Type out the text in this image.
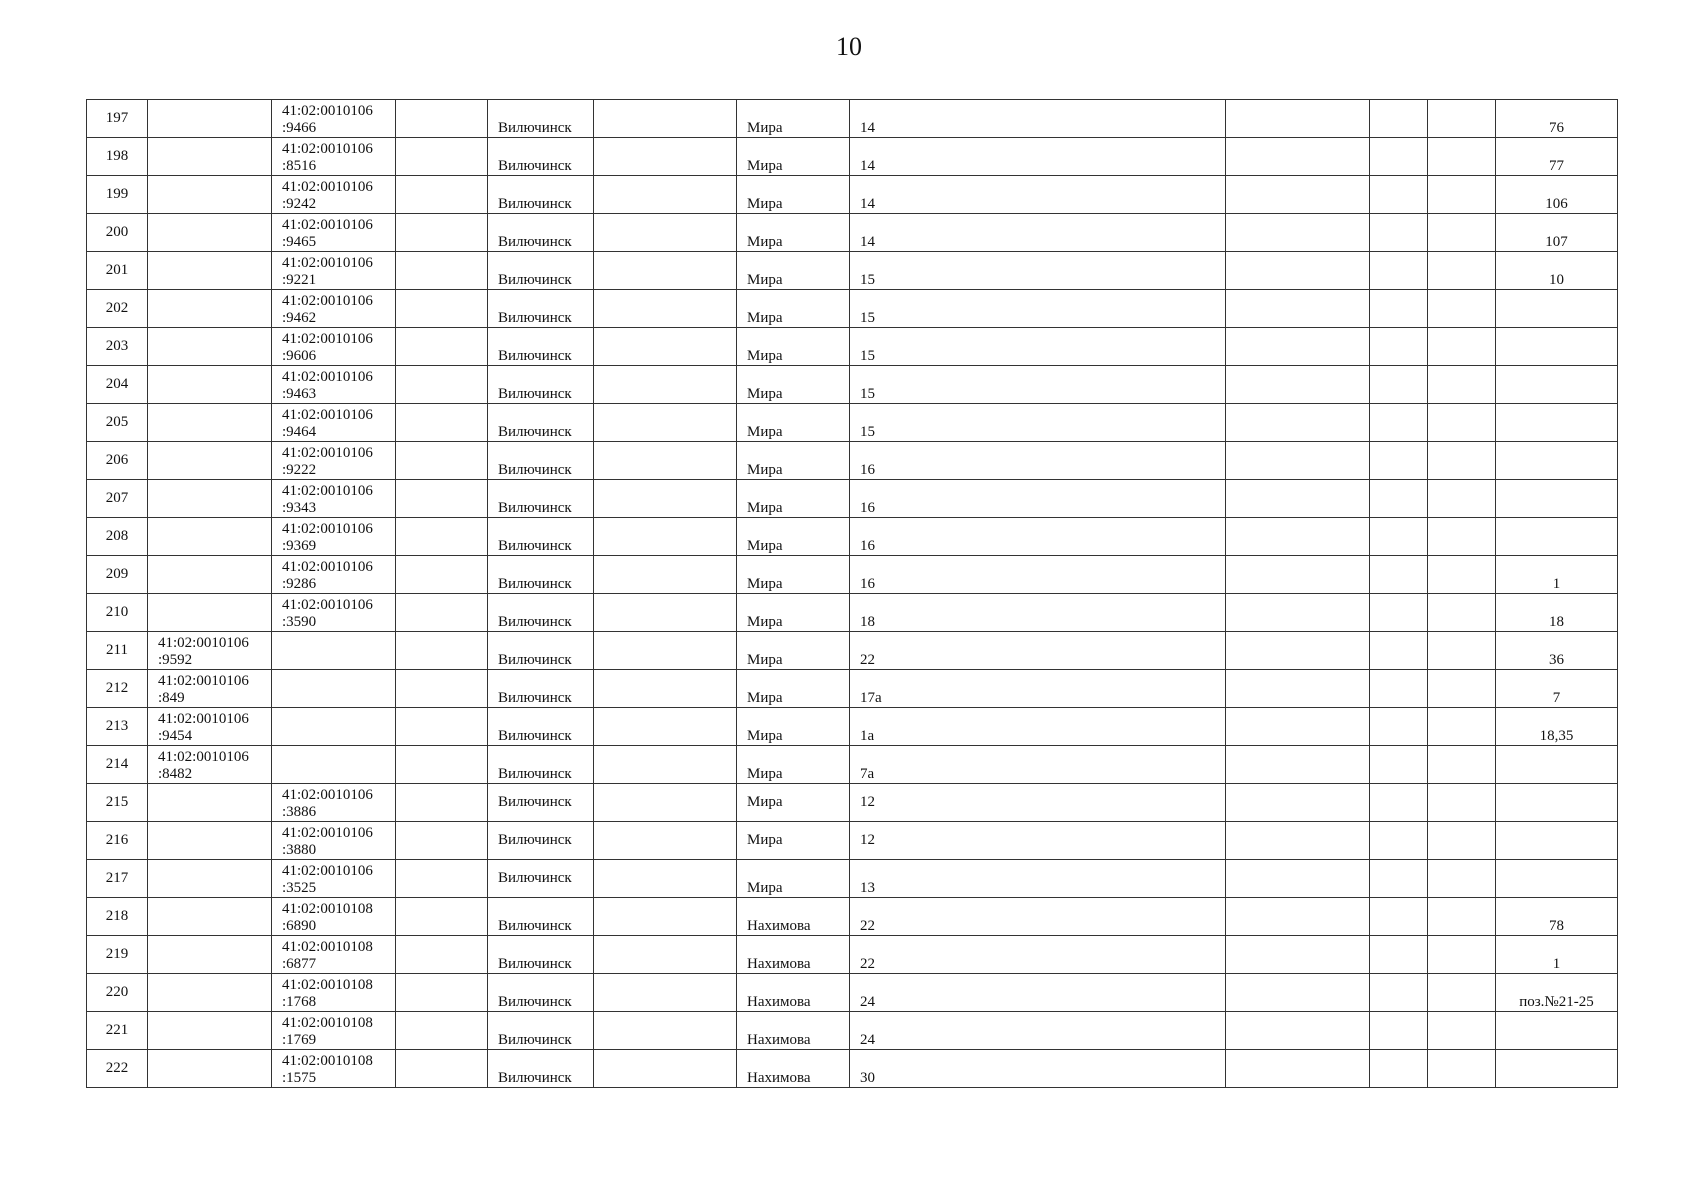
10
197		41:02:0010106
:9466		Вилючинск		Мира	14				76
198		41:02:0010106
:8516		Вилючинск		Мира	14				77
199		41:02:0010106
:9242		Вилючинск		Мира	14				106
200		41:02:0010106
:9465		Вилючинск		Мира	14				107
201		41:02:0010106
:9221		Вилючинск		Мира	15				10
202		41:02:0010106
:9462		Вилючинск		Мира	15				
203		41:02:0010106
:9606		Вилючинск		Мира	15				
204		41:02:0010106
:9463		Вилючинск		Мира	15				
205		41:02:0010106
:9464		Вилючинск		Мира	15				
206		41:02:0010106
:9222		Вилючинск		Мира	16				
207		41:02:0010106
:9343		Вилючинск		Мира	16				
208		41:02:0010106
:9369		Вилючинск		Мира	16				
209		41:02:0010106
:9286		Вилючинск		Мира	16				1
210		41:02:0010106
:3590		Вилючинск		Мира	18				18
211	41:02:0010106
:9592			Вилючинск		Мира	22				36
212	41:02:0010106
:849			Вилючинск		Мира	17а				7
213	41:02:0010106
:9454			Вилючинск		Мира	1а				18,35
214	41:02:0010106
:8482			Вилючинск		Мира	7а				
215		41:02:0010106
:3886		Вилючинск		Мира	12				
216		41:02:0010106
:3880		Вилючинск		Мира	12				
217		41:02:0010106
:3525		Вилючинск		Мира	13				
218		41:02:0010108
:6890		Вилючинск		Нахимова	22				78
219		41:02:0010108
:6877		Вилючинск		Нахимова	22				1
220		41:02:0010108
:1768		Вилючинск		Нахимова	24				поз.№21-25
221		41:02:0010108
:1769		Вилючинск		Нахимова	24				
222		41:02:0010108
:1575		Вилючинск		Нахимова	30				
